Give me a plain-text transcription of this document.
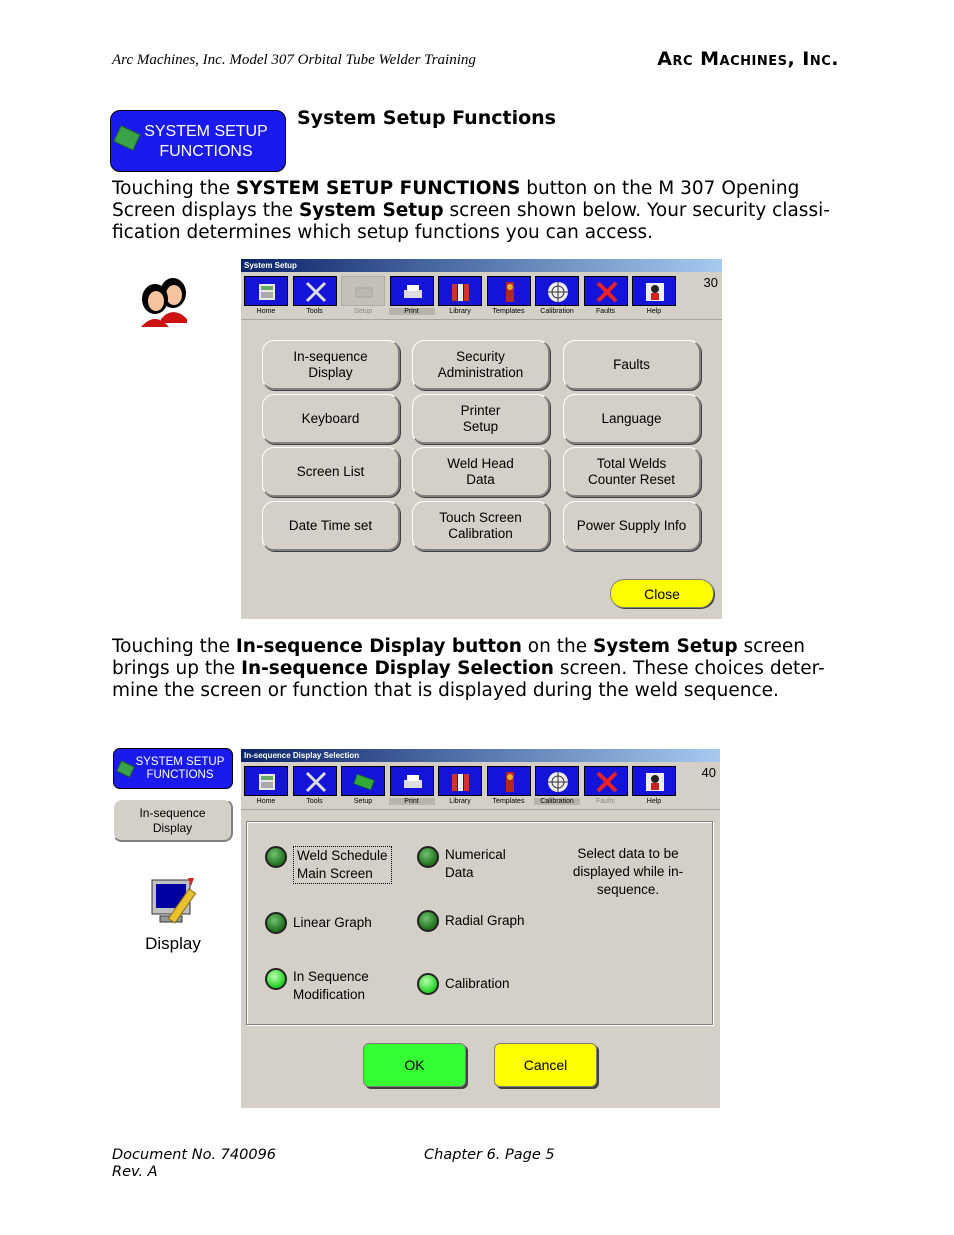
Arc Machines, Inc. Model 307 Orbital Tube Welder Training	Arc Machines, Inc.
SYSTEM SETUP
FUNCTIONS
System Setup Functions
Touching the SYSTEM SETUP FUNCTIONS button on the M 307 Opening Screen displays the System Setup screen shown below. Your security classi-fication determines which setup functions you can access.
System Setup
Home	Tools	Setup	Print	Library	Templates	Calibration	Faults	Help
30
In-sequence
Display
Security
Administration
Faults
Keyboard
Printer
Setup
Language
Screen List
Weld Head
Data
Total Welds
Counter Reset
Date Time set
Touch Screen
Calibration
Power Supply Info
Close
Touching the In-sequence Display button on the System Setup screen brings up the In-sequence Display Selection screen. These choices deter-mine the screen or function that is displayed during the weld sequence.
SYSTEM SETUP
FUNCTIONS
In-sequence
Display
Display
In-sequence Display Selection
Home	Tools	Setup	Print	Library	Templates	Calibration	Faults	Help
40
Weld Schedule
Main Screen
Numerical
Data
Linear Graph	Radial Graph
In Sequence
Modification
Calibration
Select data to be displayed while in-sequence.
OK	Cancel
Document No. 740096
Rev. A
Chapter 6. Page 5
